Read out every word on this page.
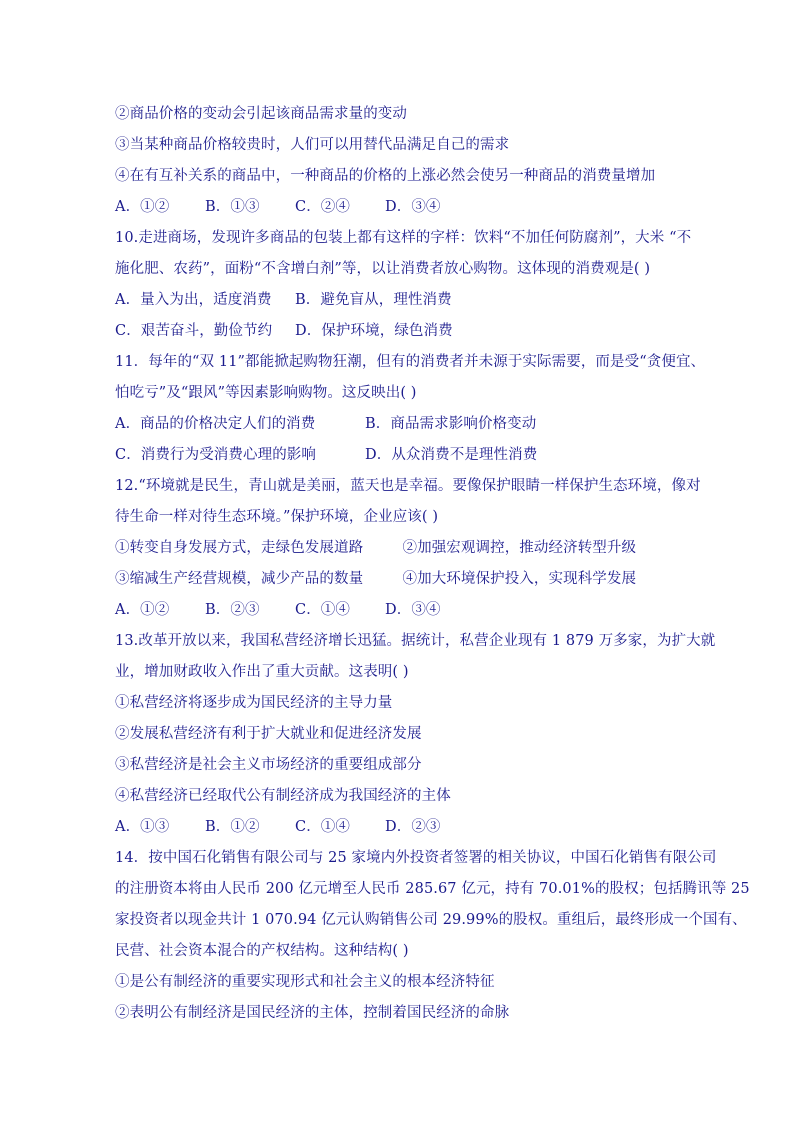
②商品价格的变动会引起该商品需求量的变动
③当某种商品价格较贵时，人们可以用替代品满足自己的需求
④在有互补关系的商品中，一种商品的价格的上涨必然会使另一种商品的消费量增加
A．①②	B．①③	C．②④	D．③④
10.走进商场，发现许多商品的包装上都有这样的字样：饮料“不加任何防腐剂”，大米 “不
施化肥、农药”，面粉“不含增白剂”等，以让消费者放心购物。这体现的消费观是( )
A．量入为出，适度消费	B．避免盲从，理性消费
C．艰苦奋斗，勤俭节约	D．保护环境，绿色消费
11．每年的“双 11”都能掀起购物狂潮，但有的消费者并未源于实际需要，而是受“贪便宜、
怕吃亏”及“跟风”等因素影响购物。这反映出( )
A．商品的价格决定人们的消费	B．商品需求影响价格变动
C．消费行为受消费心理的影响	D．从众消费不是理性消费
12.“环境就是民生，青山就是美丽，蓝天也是幸福。要像保护眼睛一样保护生态环境，像对
待生命一样对待生态环境。”保护环境，企业应该( )
①转变自身发展方式，走绿色发展道路	②加强宏观调控，推动经济转型升级
③缩减生产经营规模，减少产品的数量	④加大环境保护投入，实现科学发展
A．①②	B．②③	C．①④	D．③④
13.改革开放以来，我国私营经济增长迅猛。据统计，私营企业现有 1 879 万多家，为扩大就
业，增加财政收入作出了重大贡献。这表明( )
①私营经济将逐步成为国民经济的主导力量
②发展私营经济有利于扩大就业和促进经济发展
③私营经济是社会主义市场经济的重要组成部分
④私营经济已经取代公有制经济成为我国经济的主体
A．①③	B．①②	C．①④	D．②③
14．按中国石化销售有限公司与 25 家境内外投资者签署的相关协议，中国石化销售有限公司
的注册资本将由人民币 200 亿元增至人民币 285.67 亿元，持有 70.01%的股权；包括腾讯等 25
家投资者以现金共计 1 070.94 亿元认购销售公司 29.99%的股权。重组后，最终形成一个国有、
民营、社会资本混合的产权结构。这种结构( )
①是公有制经济的重要实现形式和社会主义的根本经济特征
②表明公有制经济是国民经济的主体，控制着国民经济的命脉
